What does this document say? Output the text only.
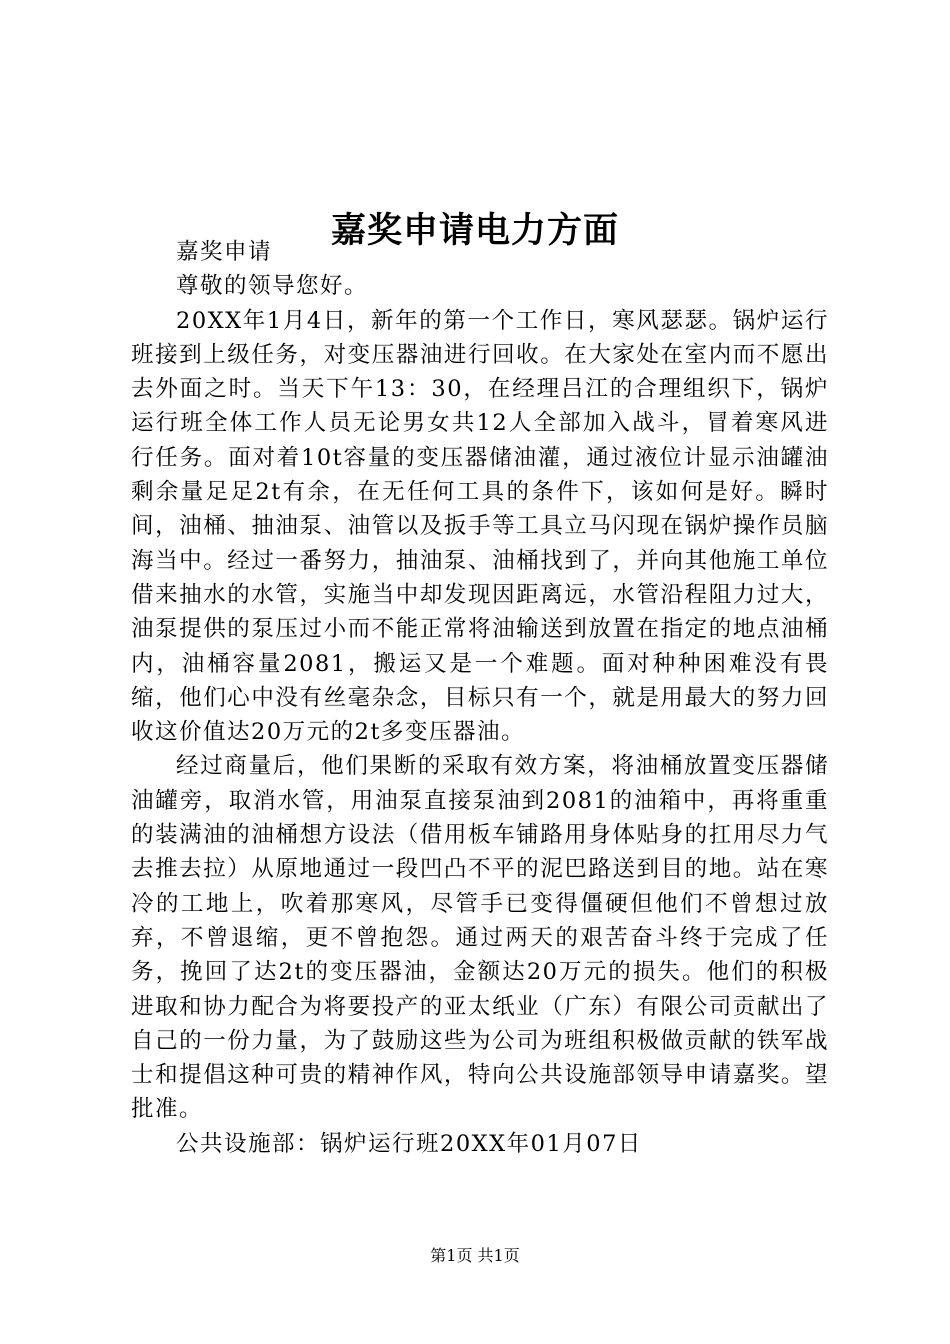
嘉奖申请电力方面

嘉奖申请

尊敬的领导您好。

20XX年1月4日，新年的第一个工作日，寒风瑟瑟。锅炉运行班接到上级任务，对变压器油进行回收。在大家处在室内而不愿出去外面之时。当天下午13：30，在经理吕江的合理组织下，锅炉运行班全体工作人员无论男女共12人全部加入战斗，冒着寒风进行任务。面对着10t容量的变压器储油灌，通过液位计显示油罐油剩余量足足2t有余，在无任何工具的条件下，该如何是好。瞬时间，油桶、抽油泵、油管以及扳手等工具立马闪现在锅炉操作员脑海当中。经过一番努力，抽油泵、油桶找到了，并向其他施工单位借来抽水的水管，实施当中却发现因距离远，水管沿程阻力过大，油泵提供的泵压过小而不能正常将油输送到放置在指定的地点油桶内，油桶容量2081，搬运又是一个难题。面对种种困难没有畏缩，他们心中没有丝毫杂念，目标只有一个，就是用最大的努力回收这价值达20万元的2t多变压器油。

经过商量后，他们果断的采取有效方案，将油桶放置变压器储油罐旁，取消水管，用油泵直接泵油到2081的油箱中，再将重重的装满油的油桶想方设法（借用板车铺路用身体贴身的扛用尽力气去推去拉）从原地通过一段凹凸不平的泥巴路送到目的地。站在寒冷的工地上，吹着那寒风，尽管手已变得僵硬但他们不曾想过放弃，不曾退缩，更不曾抱怨。通过两天的艰苦奋斗终于完成了任务，挽回了达2t的变压器油，金额达20万元的损失。他们的积极进取和协力配合为将要投产的亚太纸业（广东）有限公司贡献出了自己的一份力量，为了鼓励这些为公司为班组积极做贡献的铁军战士和提倡这种可贵的精神作风，特向公共设施部领导申请嘉奖。望批准。

公共设施部：锅炉运行班20XX年01月07日

第1页 共1页
